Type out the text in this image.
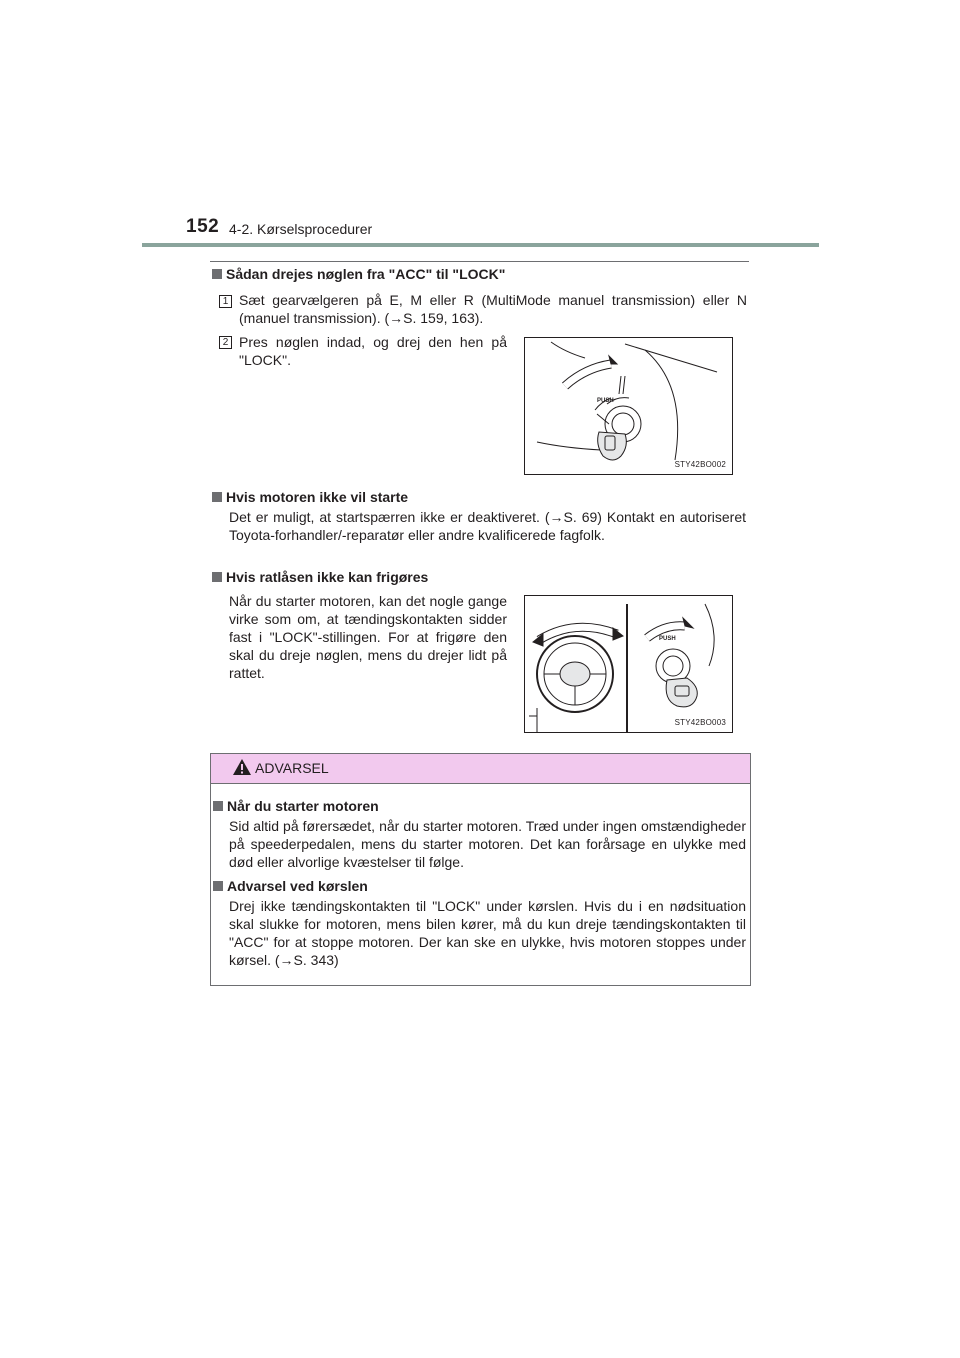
152 4-2. Kørselsprocedurer
Sådan drejes nøglen fra "ACC" til "LOCK"
1 Sæt gearvælgeren på E, M eller R (MultiMode manuel transmission) eller N (manuel transmission). (→S. 159, 163).
2 Pres nøglen indad, og drej den hen på "LOCK".
PUSH
STY42BO002
Hvis motoren ikke vil starte
Det er muligt, at startspærren ikke er deaktiveret. (→S. 69) Kontakt en autoriseret Toyota-forhandler/-reparatør eller andre kvalificerede fagfolk.
Hvis ratlåsen ikke kan frigøres
Når du starter motoren, kan det nogle gange virke som om, at tændingskontakten sidder fast i "LOCK"-stillingen. For at frigøre den skal du dreje nøglen, mens du drejer lidt på rattet.
PUSH
STY42BO003
ADVARSEL
Når du starter motoren
Sid altid på førersædet, når du starter motoren. Træd under ingen omstændigheder på speederpedalen, mens du starter motoren. Det kan forårsage en ulykke med død eller alvorlige kvæstelser til følge.
Advarsel ved kørslen
Drej ikke tændingskontakten til "LOCK" under kørslen. Hvis du i en nødsituation skal slukke for motoren, mens bilen kører, må du kun dreje tændingskontakten til "ACC" for at stoppe motoren. Der kan ske en ulykke, hvis motoren stoppes under kørsel. (→S. 343)
